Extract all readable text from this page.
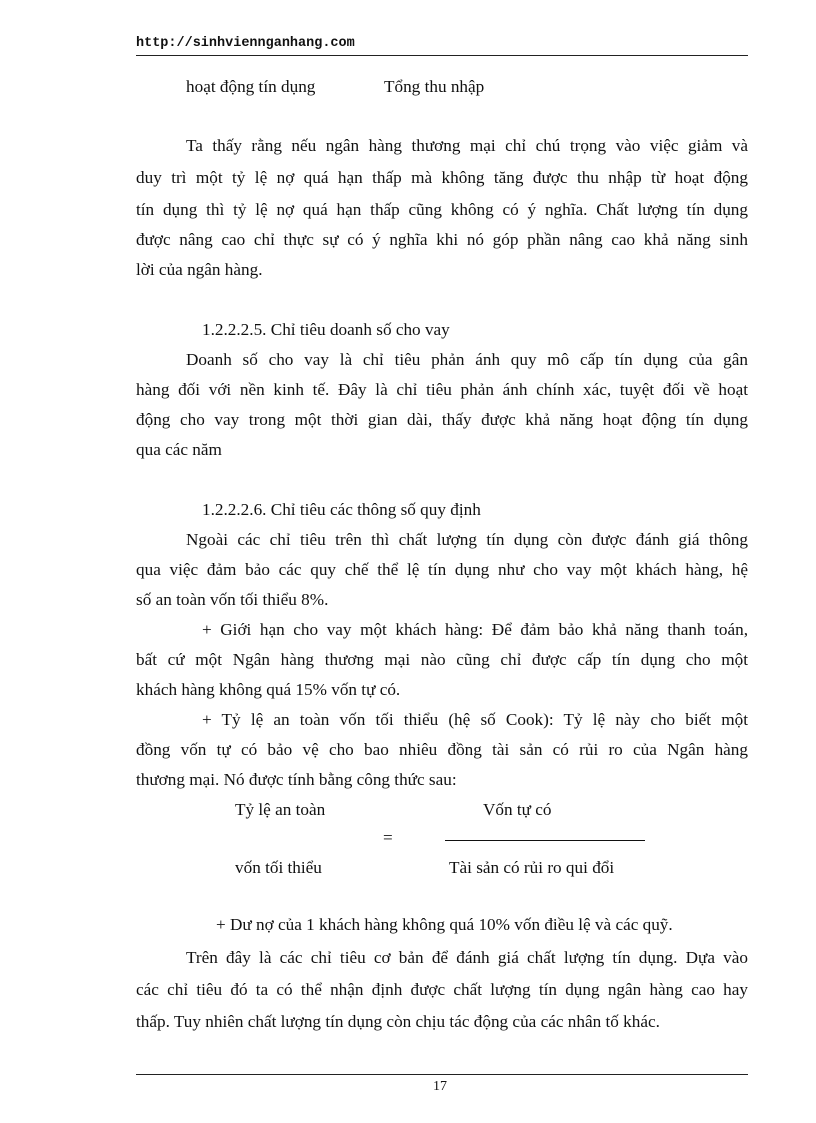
http://sinhviennganhang.com
hoạt động tín dụng	Tổng thu nhập
Ta thấy rằng nếu ngân hàng thương mại chỉ chú trọng vào việc giảm và
duy trì một tỷ lệ nợ quá hạn thấp mà không tăng được thu nhập từ hoạt động
tín dụng thì tỷ lệ nợ quá hạn thấp cũng không có ý nghĩa. Chất lượng tín dụng
được nâng cao chỉ thực sự có ý nghĩa khi nó góp phần nâng cao khả năng sinh
lời của ngân hàng.
1.2.2.2.5. Chỉ tiêu doanh số cho vay
Doanh số cho vay là chỉ tiêu phản ánh quy mô cấp tín dụng của gân
hàng đối với nền kinh tế. Đây là chỉ tiêu phản ánh chính xác, tuyệt đối về hoạt
động cho vay trong một thời gian dài, thấy được khả năng hoạt động tín dụng
qua các năm
1.2.2.2.6. Chỉ tiêu các thông số quy định
Ngoài các chỉ tiêu trên thì chất lượng tín dụng còn được đánh giá thông
qua việc đảm bảo các quy chế thể lệ tín dụng như cho vay một khách hàng, hệ
số an toàn vốn tối thiểu 8%.
+ Giới hạn cho vay một khách hàng: Để đảm bảo khả năng thanh toán,
bất cứ một Ngân hàng thương mại nào cũng chỉ được cấp tín dụng cho một
khách hàng không quá 15% vốn tự có.
+ Tỷ lệ an toàn vốn tối thiểu (hệ số Cook): Tỷ lệ này cho biết một
đồng vốn tự có bảo vệ cho bao nhiêu đồng tài sản có rủi ro của Ngân hàng
thương mại. Nó được tính bằng công thức sau:
Tỷ lệ an toàn	Vốn tự có
=
vốn tối thiểu	Tài sản có rủi ro qui đổi
+ Dư nợ của 1 khách hàng không quá 10% vốn điều lệ và các quỹ.
Trên đây là các chỉ tiêu cơ bản để đánh giá chất lượng tín dụng. Dựa vào
các chỉ tiêu đó ta có thể nhận định được chất lượng tín dụng ngân hàng cao hay
thấp. Tuy nhiên chất lượng tín dụng còn chịu tác động của các nhân tố khác.
17
